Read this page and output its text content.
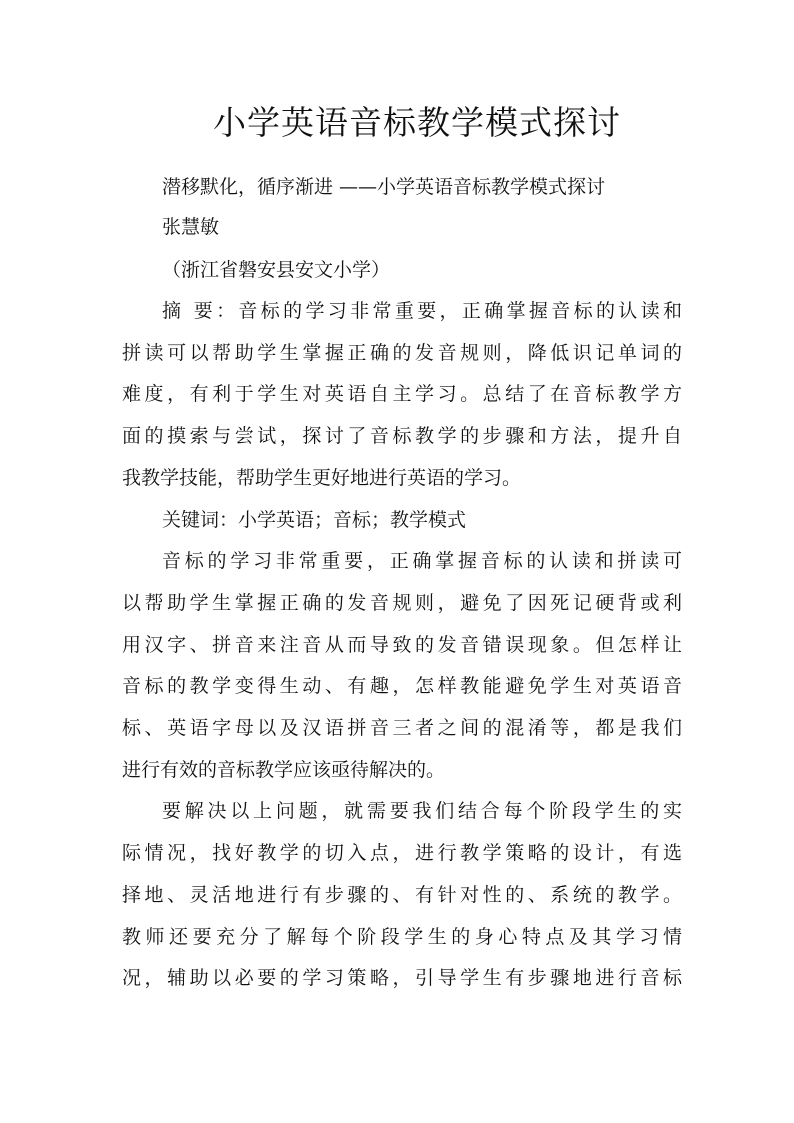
小学英语音标教学模式探讨
潜移默化，循序渐进 ——小学英语音标教学模式探讨
张慧敏
（浙江省磐安县安文小学）
摘 要：音标的学习非常重要，正确掌握音标的认读和
拼读可以帮助学生掌握正确的发音规则，降低识记单词的
难度，有利于学生对英语自主学习。总结了在音标教学方
面的摸索与尝试，探讨了音标教学的步骤和方法，提升自
我教学技能，帮助学生更好地进行英语的学习。
关键词：小学英语；音标；教学模式
音标的学习非常重要，正确掌握音标的认读和拼读可
以帮助学生掌握正确的发音规则，避免了因死记硬背或利
用汉字、拼音来注音从而导致的发音错误现象。但怎样让
音标的教学变得生动、有趣，怎样教能避免学生对英语音
标、英语字母以及汉语拼音三者之间的混淆等，都是我们
进行有效的音标教学应该亟待解决的。
要解决以上问题，就需要我们结合每个阶段学生的实
际情况，找好教学的切入点，进行教学策略的设计，有选
择地、灵活地进行有步骤的、有针对性的、系统的教学。
教师还要充分了解每个阶段学生的身心特点及其学习情
况，辅助以必要的学习策略，引导学生有步骤地进行音标
